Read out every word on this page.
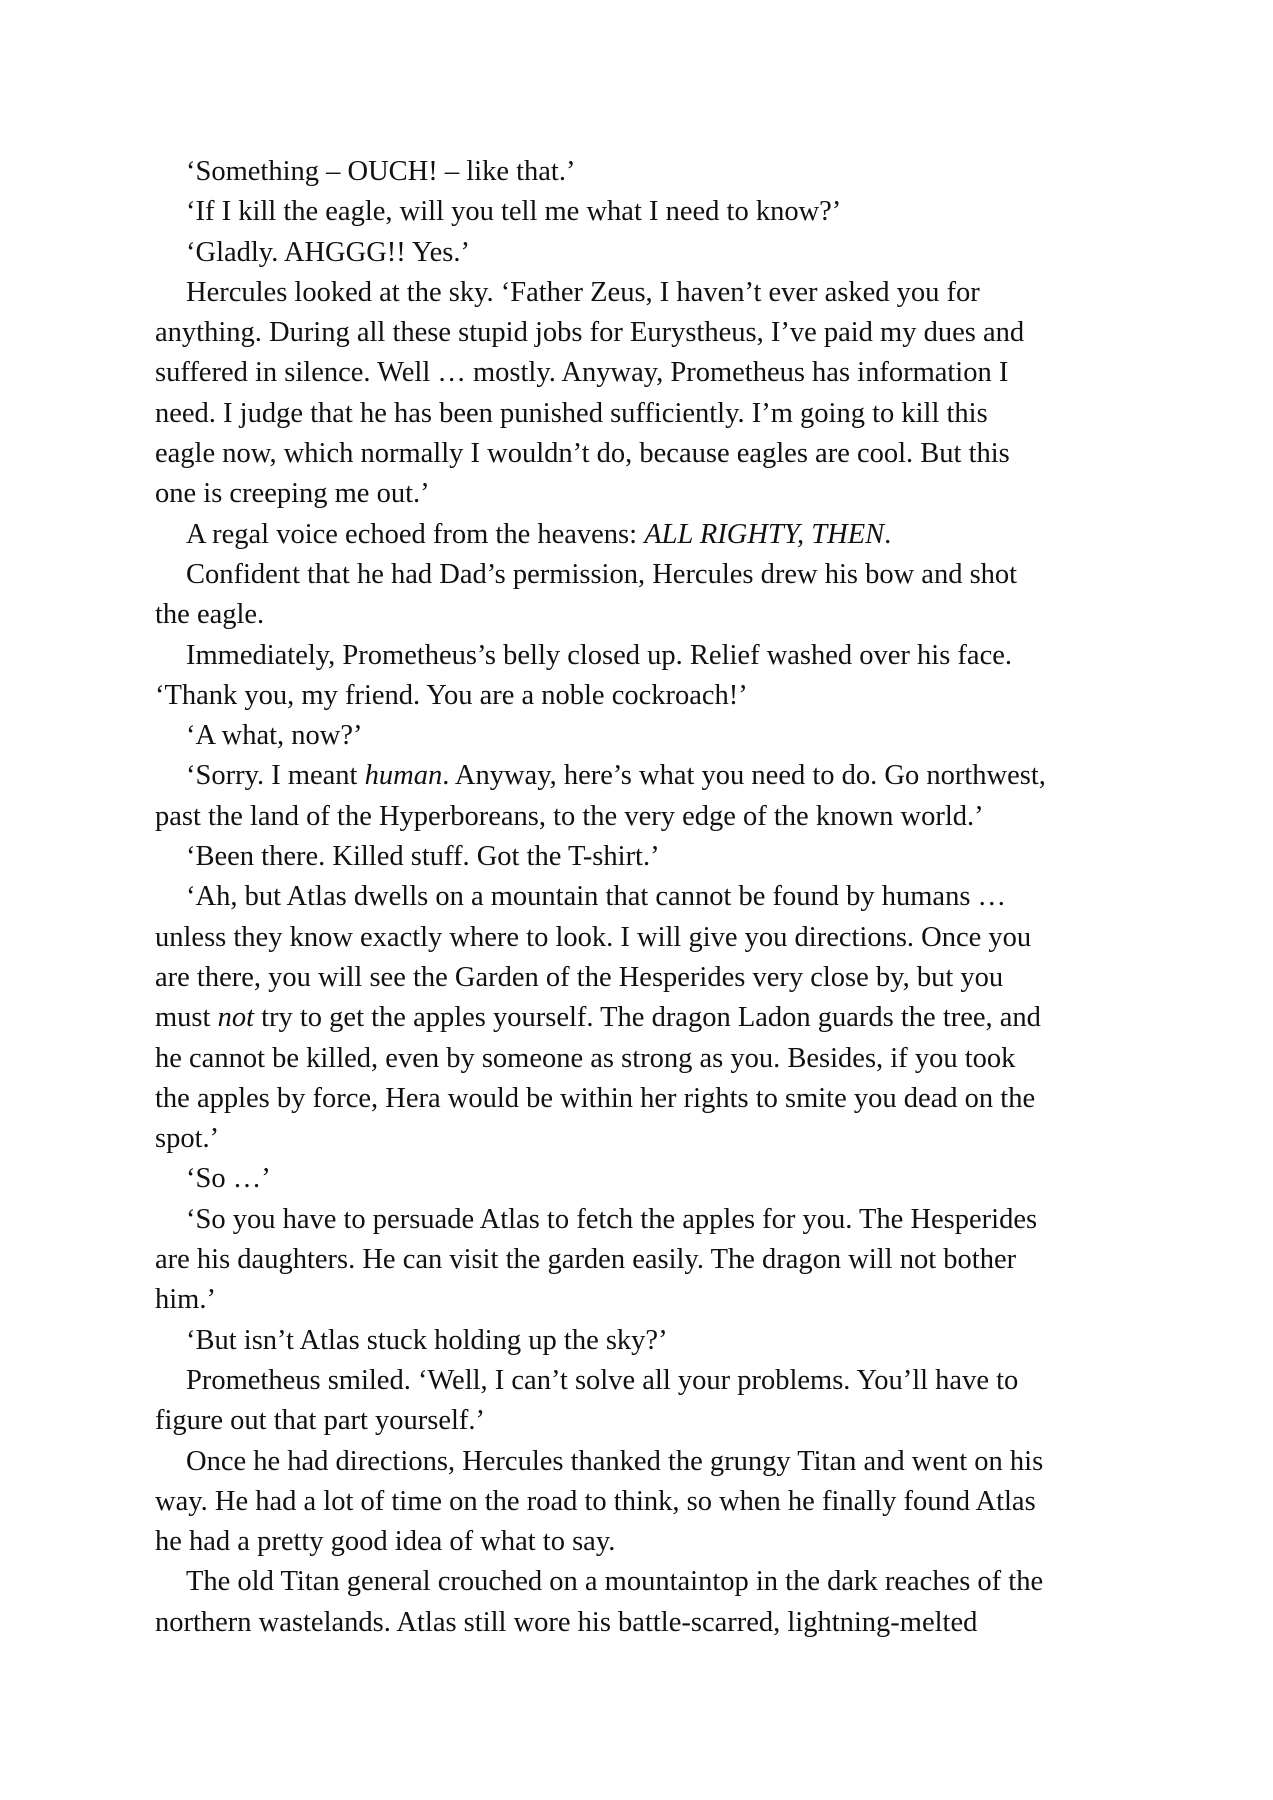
‘Something – OUCH! – like that.’
‘If I kill the eagle, will you tell me what I need to know?’
‘Gladly. AHGGG!! Yes.’
Hercules looked at the sky. ‘Father Zeus, I haven’t ever asked you for
anything. During all these stupid jobs for Eurystheus, I’ve paid my dues and
suffered in silence. Well … mostly. Anyway, Prometheus has information I
need. I judge that he has been punished sufficiently. I’m going to kill this
eagle now, which normally I wouldn’t do, because eagles are cool. But this
one is creeping me out.’
A regal voice echoed from the heavens: ALL RIGHTY, THEN.
Confident that he had Dad’s permission, Hercules drew his bow and shot
the eagle.
Immediately, Prometheus’s belly closed up. Relief washed over his face.
‘Thank you, my friend. You are a noble cockroach!’
‘A what, now?’
‘Sorry. I meant human. Anyway, here’s what you need to do. Go northwest,
past the land of the Hyperboreans, to the very edge of the known world.’
‘Been there. Killed stuff. Got the T-shirt.’
‘Ah, but Atlas dwells on a mountain that cannot be found by humans …
unless they know exactly where to look. I will give you directions. Once you
are there, you will see the Garden of the Hesperides very close by, but you
must not try to get the apples yourself. The dragon Ladon guards the tree, and
he cannot be killed, even by someone as strong as you. Besides, if you took
the apples by force, Hera would be within her rights to smite you dead on the
spot.’
‘So …’
‘So you have to persuade Atlas to fetch the apples for you. The Hesperides
are his daughters. He can visit the garden easily. The dragon will not bother
him.’
‘But isn’t Atlas stuck holding up the sky?’
Prometheus smiled. ‘Well, I can’t solve all your problems. You’ll have to
figure out that part yourself.’
Once he had directions, Hercules thanked the grungy Titan and went on his
way. He had a lot of time on the road to think, so when he finally found Atlas
he had a pretty good idea of what to say.
The old Titan general crouched on a mountaintop in the dark reaches of the
northern wastelands. Atlas still wore his battle-scarred, lightning-melted
